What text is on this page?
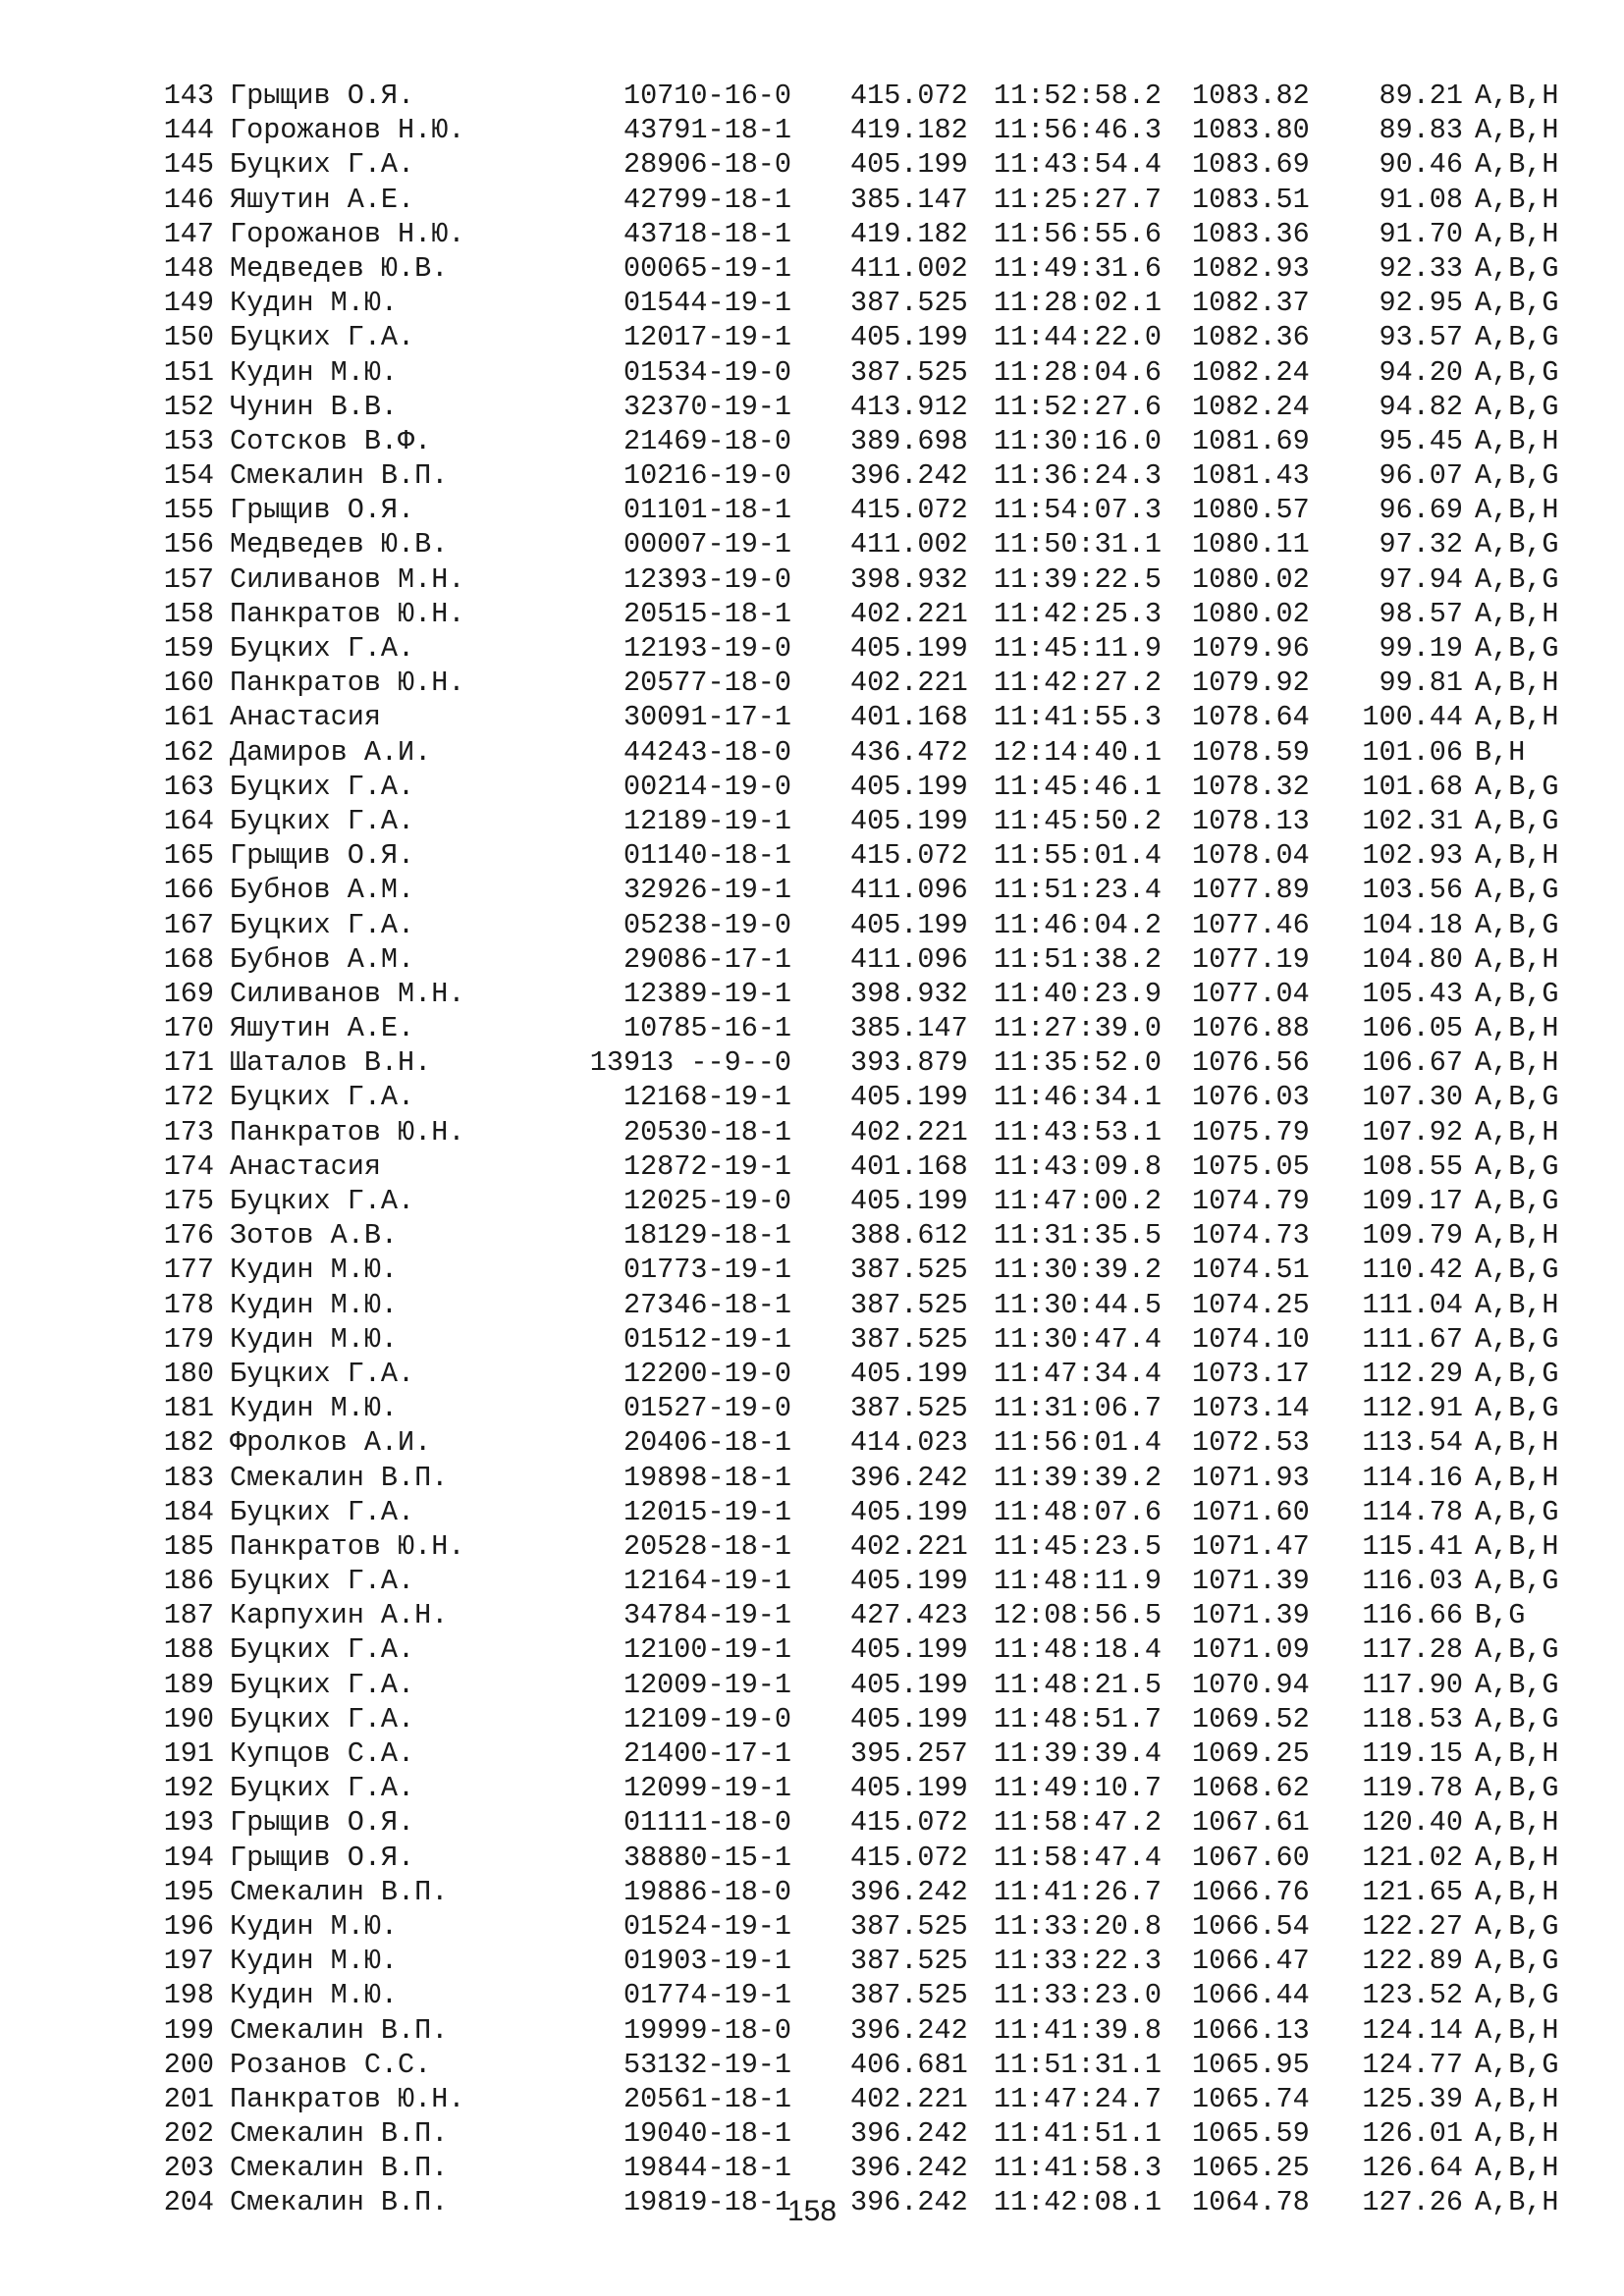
143 Грыщив О.Я.	10710-16-0 415.072 11:52:58.2 1083.82	89.21 A,B,H
144 Горожанов Н.Ю.	43791-18-1 419.182 11:56:46.3 1083.80	89.83 A,B,H
145 Буцких Г.А.	28906-18-0 405.199 11:43:54.4 1083.69	90.46 A,B,H
146 Яшутин А.Е.	42799-18-1 385.147 11:25:27.7 1083.51	91.08 A,B,H
147 Горожанов Н.Ю.	43718-18-1 419.182 11:56:55.6 1083.36	91.70 A,B,H
148 Медведев Ю.В.	00065-19-1 411.002 11:49:31.6 1082.93	92.33 A,B,G
149 Кудин М.Ю.	01544-19-1 387.525 11:28:02.1 1082.37	92.95 A,B,G
150 Буцких Г.А.	12017-19-1 405.199 11:44:22.0 1082.36	93.57 A,B,G
151 Кудин М.Ю.	01534-19-0 387.525 11:28:04.6 1082.24	94.20 A,B,G
152 Чунин В.В.	32370-19-1 413.912 11:52:27.6 1082.24	94.82 A,B,G
153 Сотсков В.Ф.	21469-18-0 389.698 11:30:16.0 1081.69	95.45 A,B,H
154 Смекалин В.П.	10216-19-0 396.242 11:36:24.3 1081.43	96.07 A,B,G
155 Грыщив О.Я.	01101-18-1 415.072 11:54:07.3 1080.57	96.69 A,B,H
156 Медведев Ю.В.	00007-19-1 411.002 11:50:31.1 1080.11	97.32 A,B,G
157 Силиванов М.Н.	12393-19-0 398.932 11:39:22.5 1080.02	97.94 A,B,G
158 Панкратов Ю.Н.	20515-18-1 402.221 11:42:25.3 1080.02	98.57 A,B,H
159 Буцких Г.А.	12193-19-0 405.199 11:45:11.9 1079.96	99.19 A,B,G
160 Панкратов Ю.Н.	20577-18-0 402.221 11:42:27.2 1079.92	99.81 A,B,H
161 Анастасия	30091-17-1 401.168 11:41:55.3 1078.64	100.44 A,B,H
162 Дамиров А.И.	44243-18-0 436.472 12:14:40.1 1078.59	101.06 B,H
163 Буцких Г.А.	00214-19-0 405.199 11:45:46.1 1078.32	101.68 A,B,G
164 Буцких Г.А.	12189-19-1 405.199 11:45:50.2 1078.13	102.31 A,B,G
165 Грыщив О.Я.	01140-18-1 415.072 11:55:01.4 1078.04	102.93 A,B,H
166 Бубнов А.М.	32926-19-1 411.096 11:51:23.4 1077.89	103.56 A,B,G
167 Буцких Г.А.	05238-19-0 405.199 11:46:04.2 1077.46	104.18 A,B,G
168 Бубнов А.М.	29086-17-1 411.096 11:51:38.2 1077.19	104.80 A,B,H
169 Силиванов М.Н.	12389-19-1 398.932 11:40:23.9 1077.04	105.43 A,B,G
170 Яшутин А.Е.	10785-16-1 385.147 11:27:39.0 1076.88	106.05 A,B,H
171 Шаталов В.Н.	13913 --9--0 393.879 11:35:52.0 1076.56	106.67 A,B,H
172 Буцких Г.А.	12168-19-1 405.199 11:46:34.1 1076.03	107.30 A,B,G
173 Панкратов Ю.Н.	20530-18-1 402.221 11:43:53.1 1075.79	107.92 A,B,H
174 Анастасия	12872-19-1 401.168 11:43:09.8 1075.05	108.55 A,B,G
175 Буцких Г.А.	12025-19-0 405.199 11:47:00.2 1074.79	109.17 A,B,G
176 Зотов А.В.	18129-18-1 388.612 11:31:35.5 1074.73	109.79 A,B,H
177 Кудин М.Ю.	01773-19-1 387.525 11:30:39.2 1074.51	110.42 A,B,G
178 Кудин М.Ю.	27346-18-1 387.525 11:30:44.5 1074.25	111.04 A,B,H
179 Кудин М.Ю.	01512-19-1 387.525 11:30:47.4 1074.10	111.67 A,B,G
180 Буцких Г.А.	12200-19-0 405.199 11:47:34.4 1073.17	112.29 A,B,G
181 Кудин М.Ю.	01527-19-0 387.525 11:31:06.7 1073.14	112.91 A,B,G
182 Фролков А.И.	20406-18-1 414.023 11:56:01.4 1072.53	113.54 A,B,H
183 Смекалин В.П.	19898-18-1 396.242 11:39:39.2 1071.93	114.16 A,B,H
184 Буцких Г.А.	12015-19-1 405.199 11:48:07.6 1071.60	114.78 A,B,G
185 Панкратов Ю.Н.	20528-18-1 402.221 11:45:23.5 1071.47	115.41 A,B,H
186 Буцких Г.А.	12164-19-1 405.199 11:48:11.9 1071.39	116.03 A,B,G
187 Карпухин А.Н.	34784-19-1 427.423 12:08:56.5 1071.39	116.66 B,G
188 Буцких Г.А.	12100-19-1 405.199 11:48:18.4 1071.09	117.28 A,B,G
189 Буцких Г.А.	12009-19-1 405.199 11:48:21.5 1070.94	117.90 A,B,G
190 Буцких Г.А.	12109-19-0 405.199 11:48:51.7 1069.52	118.53 A,B,G
191 Купцов С.А.	21400-17-1 395.257 11:39:39.4 1069.25	119.15 A,B,H
192 Буцких Г.А.	12099-19-1 405.199 11:49:10.7 1068.62	119.78 A,B,G
193 Грыщив О.Я.	01111-18-0 415.072 11:58:47.2 1067.61	120.40 A,B,H
194 Грыщив О.Я.	38880-15-1 415.072 11:58:47.4 1067.60	121.02 A,B,H
195 Смекалин В.П.	19886-18-0 396.242 11:41:26.7 1066.76	121.65 A,B,H
196 Кудин М.Ю.	01524-19-1 387.525 11:33:20.8 1066.54	122.27 A,B,G
197 Кудин М.Ю.	01903-19-1 387.525 11:33:22.3 1066.47	122.89 A,B,G
198 Кудин М.Ю.	01774-19-1 387.525 11:33:23.0 1066.44	123.52 A,B,G
199 Смекалин В.П.	19999-18-0 396.242 11:41:39.8 1066.13	124.14 A,B,H
200 Розанов С.С.	53132-19-1 406.681 11:51:31.1 1065.95	124.77 A,B,G
201 Панкратов Ю.Н.	20561-18-1 402.221 11:47:24.7 1065.74	125.39 A,B,H
202 Смекалин В.П.	19040-18-1 396.242 11:41:51.1 1065.59	126.01 A,B,H
203 Смекалин В.П.	19844-18-1 396.242 11:41:58.3 1065.25	126.64 A,B,H
204 Смекалин В.П.	19819-18-1 396.242 11:42:08.1 1064.78	127.26 A,B,H
158
